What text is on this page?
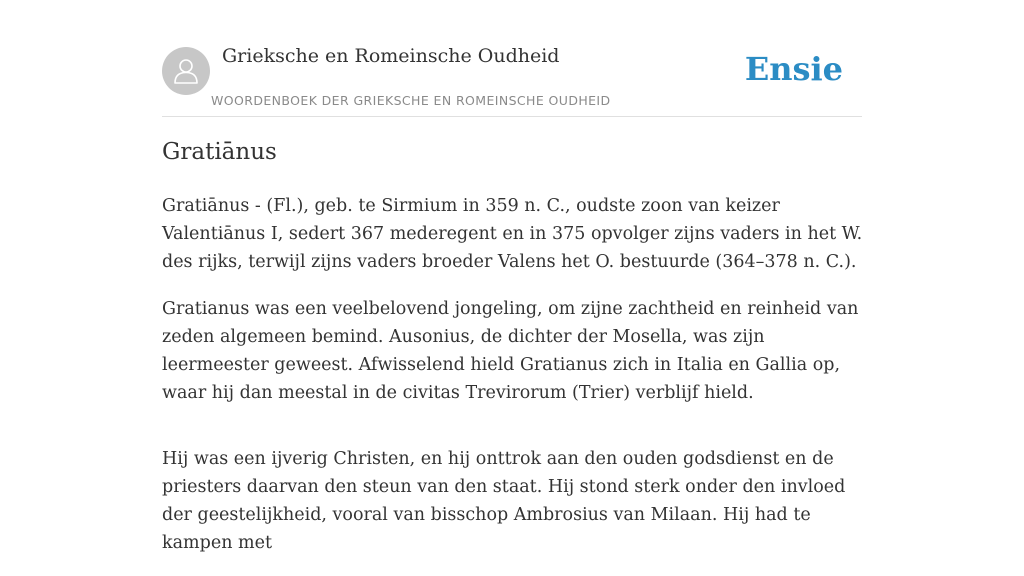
Grieksche en Romeinsche Oudheid
WOORDENBOEK DER GRIEKSCHE EN ROMEINSCHE OUDHEID
Ensie
Gratiānus

Gratiānus - (Fl.), geb. te Sirmium in 359 n. C., oudste zoon van keizer Valentiānus I, sedert 367 mederegent en in 375 opvolger zijns vaders in het W. des rijks, terwijl zijns vaders broeder Valens het O. bestuurde (364–378 n. C.).

Gratianus was een veelbelovend jongeling, om zijne zachtheid en reinheid van zeden algemeen bemind. Ausonius, de dichter der Mosella, was zijn leermeester geweest. Afwisselend hield Gratianus zich in Italia en Gallia op, waar hij dan meestal in de civitas Trevirorum (Trier) verblijf hield.

Hij was een ijverig Christen, en hij onttrok aan den ouden godsdienst en de priesters daarvan den steun van den staat. Hij stond sterk onder den invloed der geestelijkheid, vooral van bisschop Ambrosius van Milaan. Hij had te kampen met
